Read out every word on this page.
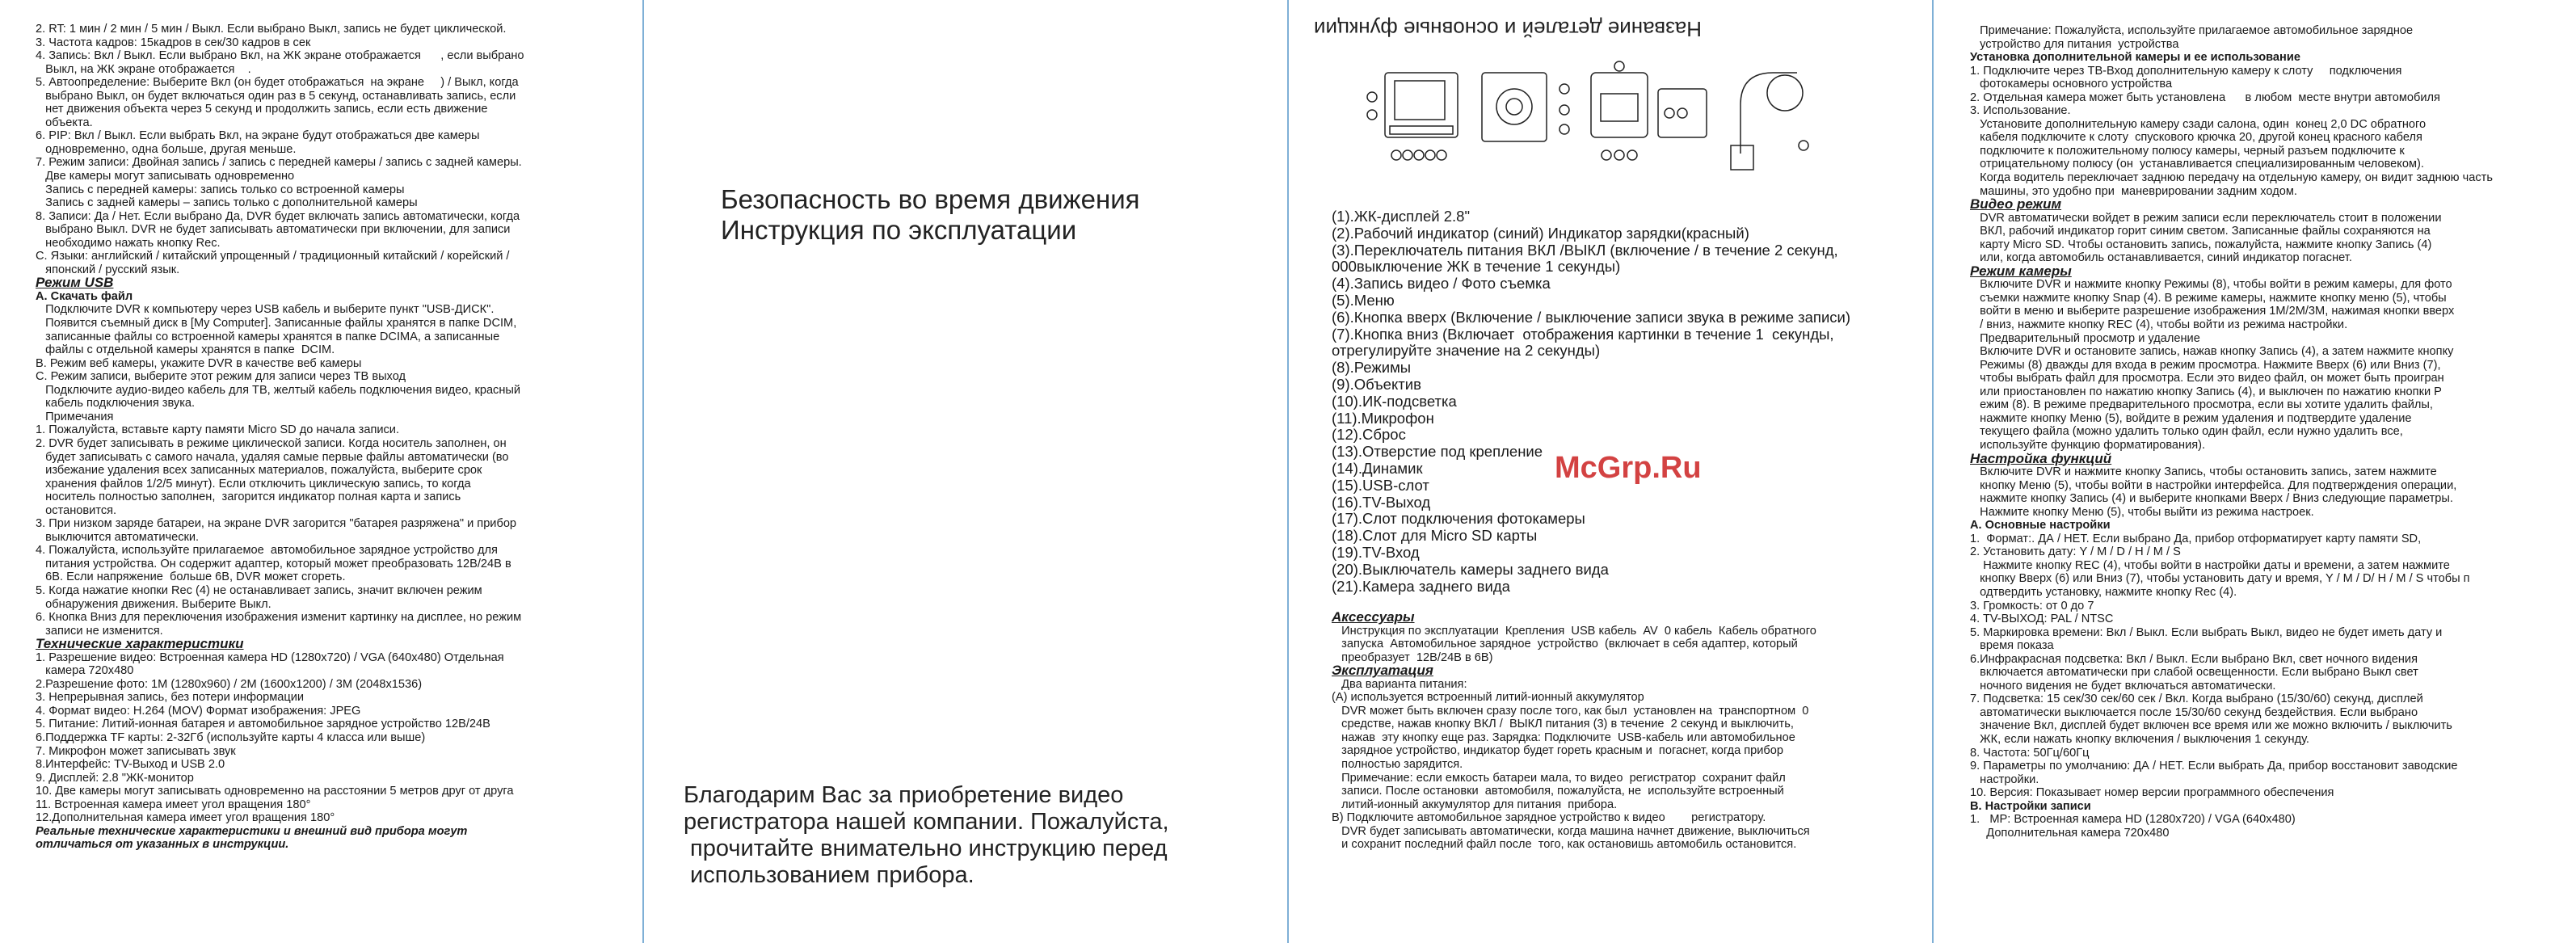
2. RT: 1 мин / 2 мин / 5 мин / Выкл. Если выбрано Выкл, запись не будет циклической.
3. Частота кадров: 15кадров в сек/30 кадров в сек
4. Запись: Вкл / Выкл. Если выбрано Вкл, на ЖК экране отображается      , если выбрано
Выкл, на ЖК экране отображается    .
5. Автоопределение: Выберите Вкл (он будет отображаться  на экране     ) / Выкл, когда
выбрано Выкл, он будет включаться один раз в 5 секунд, останавливать запись, если
нет движения объекта через 5 секунд и продолжить запись, если есть движение
объекта.
6. PIP: Вкл / Выкл. Если выбрать Вкл, на экране будут отображаться две камеры
одновременно, одна больше, другая меньше.
7. Режим записи: Двойная запись / запись с передней камеры / запись с задней камеры.
Две камеры могут записывать одновременно
Запись с передней камеры: запись только со встроенной камеры
Запись с задней камеры – запись только с дополнительной камеры
8. Записи: Да / Нет. Если выбрано Да, DVR будет включать запись автоматически, когда
выбрано Выкл. DVR не будет записывать автоматически при включении, для записи
необходимо нажать кнопку Rec.
C. Языки: английский / китайский упрощенный / традиционный китайский / корейский /
японский / русский язык.
Режим USB
A. Скачать файл
Подключите DVR к компьютеру через USB кабель и выберите пункт "USB-ДИСК".
Появится съемный диск в [My Computer]. Записанные файлы хранятся в папке DCIM,
записанные файлы со встроенной камеры хранятся в папке DCIMA, а записанные
файлы с отдельной камеры хранятся в папке  DCIM.
B. Режим веб камеры, укажите DVR в качестве веб камеры
C. Режим записи, выберите этот режим для записи через ТВ выход
Подключите аудио-видео кабель для ТВ, желтый кабель подключения видео, красный
кабель подключения звука.
Примечания
1. Пожалуйста, вставьте карту памяти Micro SD до начала записи.
2. DVR будет записывать в режиме циклической записи. Когда носитель заполнен, он
будет записывать с самого начала, удаляя самые первые файлы автоматически (во
избежание удаления всех записанных материалов, пожалуйста, выберите срок
хранения файлов 1/2/5 минут). Если отключить циклическую запись, то когда
носитель полностью заполнен,  загорится индикатор полная карта и запись
остановится.
3. При низком заряде батареи, на экране DVR загорится "батарея разряжена" и прибор
выключится автоматически.
4. Пожалуйста, используйте прилагаемое  автомобильное зарядное устройство для
питания устройства. Он содержит адаптер, который может преобразовать 12В/24В в
6В. Если напряжение  больше 6В, DVR может сгореть.
5. Когда нажатие кнопки Rec (4) не останавливает запись, значит включен режим
обнаружения движения. Выберите Выкл.
6. Кнопка Вниз для переключения изображения изменит картинку на дисплее, но режим
записи не изменится.
Технические характеристики
1. Разрешение видео: Встроенная камера HD (1280x720) / VGA (640x480) Отдельная
камера 720x480
2.Разрешение фото: 1M (1280x960) / 2M (1600x1200) / 3M (2048x1536)
3. Непрерывная запись, без потери информации
4. Формат видео: H.264 (MOV) Формат изображения: JPEG
5. Питание: Литий-ионная батарея и автомобильное зарядное устройство 12В/24В
6.Поддержка TF карты: 2-32Гб (используйте карты 4 класса или выше)
7. Микрофон может записывать звук
8.Интерфейс: TV-Выход и USB 2.0
9. Дисплей: 2.8 "ЖК-монитор
10. Две камеры могут записывать одновременно на расстоянии 5 метров друг от друга
11. Встроенная камера имеет угол вращения 180°
12.Дополнительная камера имеет угол вращения 180°
Реальные технические характеристики и внешний вид прибора могут
отличаться от указанных в инструкции.
Безопасность во время движения
Инструкция по эксплуатации
Благодарим Вас за приобретение видео
регистратора нашей компании. Пожалуйста,
прочитайте внимательно инструкцию перед
использованием прибора.
Название деталей и основные функции
(1).ЖК-дисплей 2.8"
(2).Рабочий индикатор (синий) Индикатор зарядки(красный)
(3).Переключатель питания ВКЛ /ВЫКЛ (включение / в течение 2 секунд,
000выключение ЖК в течение 1 секунды)
(4).Запись видео / Фото съемка
(5).Меню
(6).Кнопка вверх (Включение / выключение записи звука в режиме записи)
(7).Кнопка вниз (Включает  отображения картинки в течение 1  секунды,
отрегулируйте значение на 2 секунды)
(8).Режимы
(9).Объектив
(10).ИК-подсветка
(11).Микрофон
(12).Сброс
(13).Отверстие под крепление
(14).Динамик
(15).USB-слот
(16).TV-Выход
(17).Слот подключения фотокамеры
(18).Слот для Micro SD карты
(19).TV-Вход
(20).Выключатель камеры заднего вида
(21).Камера заднего вида
McGrp.Ru
Аксессуары
Инструкция по эксплуатации  Крепления  USB кабель  AV  0 кабель  Кабель обратного
запуска  Автомобильное зарядное  устройство  (включает в себя адаптер, который
преобразует  12В/24В в 6В)
Эксплуатация
Два варианта питания:
(A) используется встроенный литий-ионный аккумулятор
DVR может быть включен сразу после того, как был  установлен на  транспортном  0
средстве, нажав кнопку ВКЛ /  ВЫКЛ питания (3) в течение  2 секунд и выключить,
нажав  эту кнопку еще раз. Зарядка: Подключите  USB-кабель или автомобильное
зарядное устройство, индикатор будет гореть красным и  погаснет, когда прибор
полностью зарядится.
Примечание: если емкость батареи мала, то видео  регистратор  сохранит файл
записи. После остановки  автомобиля, пожалуйста, не  используйте встроенный
литий-ионный аккумулятор для питания  прибора.
B) Подключите автомобильное зарядное устройство к видео        регистратору.
DVR будет записывать автоматически, когда машина начнет движение, выключиться
и сохранит последний файл после  того, как остановишь автомобиль остановится.
Примечание: Пожалуйста, используйте прилагаемое автомобильное зарядное
устройство для питания  устройства
Установка дополнительной камеры и ее использование
1. Подключите через ТВ-Вход дополнительную камеру к слоту     подключения
фотокамеры основного устройства
2. Отдельная камера может быть установлена      в любом  месте внутри автомобиля
3. Использование.
Установите дополнительную камеру сзади салона, один  конец 2,0 DC обратного
кабеля подключите к слоту  спускового крючка 20, другой конец красного кабеля
подключите к положительному полюсу камеры, черный разъем подключите к
отрицательному полюсу (он  устанавливается специализированным человеком).
Когда водитель переключает заднюю передачу на отдельную камеру, он видит заднюю часть
машины, это удобно при  маневрировании задним ходом.
Видео режим
DVR автоматически войдет в режим записи если переключатель стоит в положении
ВКЛ, рабочий индикатор горит синим светом. Записанные файлы сохраняются на
карту Micro SD. Чтобы остановить запись, пожалуйста, нажмите кнопку Запись (4)
или, когда автомобиль останавливается, синий индикатор погаснет.
Режим камеры
Включите DVR и нажмите кнопку Режимы (8), чтобы войти в режим камеры, для фото
съемки нажмите кнопку Snap (4). В режиме камеры, нажмите кнопку меню (5), чтобы
войти в меню и выберите разрешение изображения 1M/2M/3M, нажимая кнопки вверх
/ вниз, нажмите кнопку REC (4), чтобы войти из режима настройки.
Предварительный просмотр и удаление
Включите DVR и остановите запись, нажав кнопку Запись (4), а затем нажмите кнопку
Режимы (8) дважды для входа в режим просмотра. Нажмите Вверх (6) или Вниз (7),
чтобы выбрать файл для просмотра. Если это видео файл, он может быть проигран
или приостановлен по нажатию кнопку Запись (4), и выключен по нажатию кнопки Р
ежим (8). В режиме предварительного просмотра, если вы хотите удалить файлы,
нажмите кнопку Меню (5), войдите в режим удаления и подтвердите удаление
текущего файла (можно удалить только один файл, если нужно удалить все,
используйте функцию форматирования).
Настройка функций
Включите DVR и нажмите кнопку Запись, чтобы остановить запись, затем нажмите
кнопку Меню (5), чтобы войти в настройки интерфейса. Для подтверждения операции,
нажмите кнопку Запись (4) и выберите кнопками Вверх / Вниз следующие параметры.
Нажмите кнопку Меню (5), чтобы выйти из режима настроек.
A. Основные настройки
1.  Формат:. ДА / НЕТ. Если выбрано Да, прибор отформатирует карту памяти SD,
2. Установить дату: Y / M / D / H / M / S
Нажмите кнопку REC (4), чтобы войти в настройки даты и времени, а затем нажмите
кнопку Вверх (6) или Вниз (7), чтобы установить дату и время, Y / M / D/ H / M / S чтобы п
одтвердить установку, нажмите кнопку Rec (4).
3. Громкость: от 0 до 7
4. TV-ВЫХОД: PAL / NTSC
5. Маркировка времени: Вкл / Выкл. Если выбрать Выкл, видео не будет иметь дату и
время показа
6.Инфракрасная подсветка: Вкл / Выкл. Если выбрано Вкл, свет ночного видения
включается автоматически при слабой освещенности. Если выбрано Выкл свет
ночного видения не будет включаться автоматически.
7. Подсветка: 15 сек/30 сек/60 сек / Вкл. Когда выбрано (15/30/60) секунд, дисплей
автоматически выключается после 15/30/60 секунд бездействия. Если выбрано
значение Вкл, дисплей будет включен все время или же можно включить / выключить
ЖК, если нажать кнопку включения / выключения 1 секунду.
8. Частота: 50Гц/60Гц
9. Параметры по умолчанию: ДА / НЕТ. Если выбрать Да, прибор восстановит заводские
настройки.
10. Версия: Показывает номер версии программного обеспечения
B. Настройки записи
1.   MP: Встроенная камера HD (1280x720) / VGA (640x480)
Дополнительная камера 720x480
